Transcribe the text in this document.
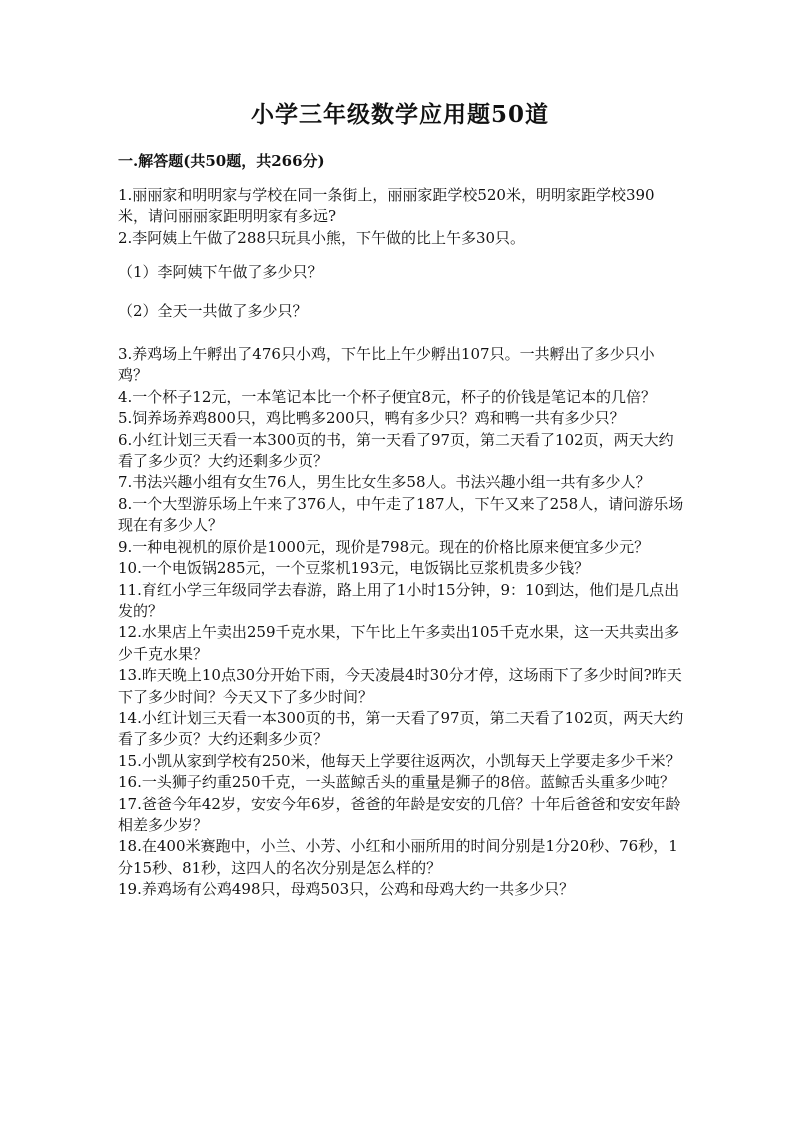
小学三年级数学应用题50道
一.解答题(共50题，共266分)

1.丽丽家和明明家与学校在同一条街上，丽丽家距学校520米，明明家距学校390米，请问丽丽家距明明家有多远?

2.李阿姨上午做了288只玩具小熊，下午做的比上午多30只。

（1）李阿姨下午做了多少只？

（2）全天一共做了多少只？

3.养鸡场上午孵出了476只小鸡，下午比上午少孵出107只。一共孵出了多少只小鸡？

4.一个杯子12元，一本笔记本比一个杯子便宜8元，杯子的价钱是笔记本的几倍？

5.饲养场养鸡800只，鸡比鸭多200只，鸭有多少只？鸡和鸭一共有多少只？

6.小红计划三天看一本300页的书，第一天看了97页，第二天看了102页，两天大约看了多少页？大约还剩多少页？

7.书法兴趣小组有女生76人，男生比女生多58人。书法兴趣小组一共有多少人？

8.一个大型游乐场上午来了376人，中午走了187人，下午又来了258人，请问游乐场现在有多少人？

9.一种电视机的原价是1000元，现价是798元。现在的价格比原来便宜多少元？

10.一个电饭锅285元，一个豆浆机193元，电饭锅比豆浆机贵多少钱？

11.育红小学三年级同学去春游，路上用了1小时15分钟，9：10到达，他们是几点出发的？

12.水果店上午卖出259千克水果，下午比上午多卖出105千克水果，这一天共卖出多少千克水果？

13.昨天晚上10点30分开始下雨，今天凌晨4时30分才停，这场雨下了多少时间?昨天下了多少时间？今天又下了多少时间？

14.小红计划三天看一本300页的书，第一天看了97页，第二天看了102页，两天大约看了多少页？大约还剩多少页？

15.小凯从家到学校有250米，他每天上学要往返两次，小凯每天上学要走多少千米？

16.一头狮子约重250千克，一头蓝鲸舌头的重量是狮子的8倍。蓝鲸舌头重多少吨？

17.爸爸今年42岁，安安今年6岁，爸爸的年龄是安安的几倍？十年后爸爸和安安年龄相差多少岁？

18.在400米赛跑中，小兰、小芳、小红和小丽所用的时间分别是1分20秒、76秒，1分15秒、81秒，这四人的名次分别是怎么样的？

19.养鸡场有公鸡498只，母鸡503只，公鸡和母鸡大约一共多少只？
